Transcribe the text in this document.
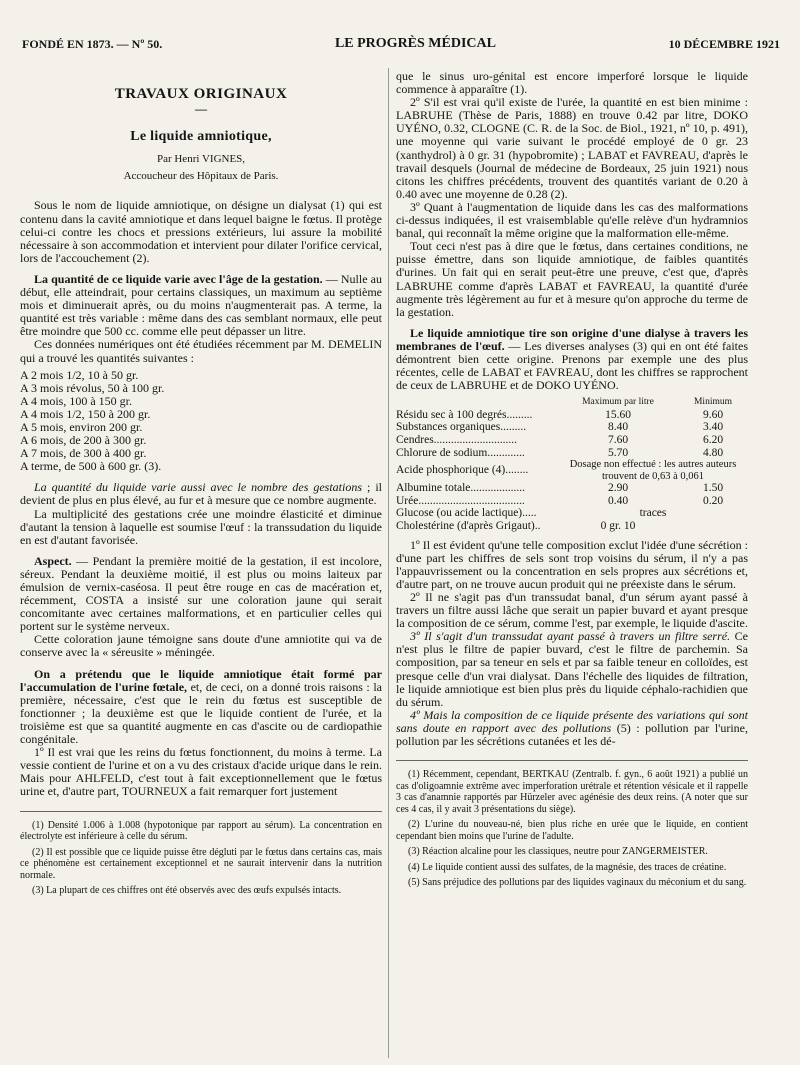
FONDÉ EN 1873. — Nº 50.	LE PROGRÈS MÉDICAL	10 DÉCEMBRE 1921
TRAVAUX ORIGINAUX
—
Le liquide amniotique,
Par Henri VIGNES,
Accoucheur des Hôpitaux de Paris.

Sous le nom de liquide amniotique, on désigne un dialysat (1) qui est contenu dans la cavité amniotique et dans lequel baigne le fœtus. Il protège celui-ci contre les chocs et pressions extérieurs, lui assure la mobilité nécessaire à son accommodation et intervient pour dilater l'orifice cervical, lors de l'accouchement (2).

La quantité de ce liquide varie avec l'âge de la gestation. — Nulle au début, elle atteindrait, pour certains classiques, un maximum au septième mois et diminuerait après, ou du moins n'augmenterait pas. A terme, la quantité est très variable : même dans des cas semblant normaux, elle peut être moindre que 500 cc. comme elle peut dépasser un litre.

Ces données numériques ont été étudiées récemment par M. DEMELIN qui a trouvé les quantités suivantes :

A 2 mois 1/2, 10 à 50 gr.
A 3 mois révolus, 50 à 100 gr.
A 4 mois, 100 à 150 gr.
A 4 mois 1/2, 150 à 200 gr.
A 5 mois, environ 200 gr.
A 6 mois, de 200 à 300 gr.
A 7 mois, de 300 à 400 gr.
A terme, de 500 à 600 gr. (3).

La quantité du liquide varie aussi avec le nombre des gestations ; il devient de plus en plus élevé, au fur et à mesure que ce nombre augmente.

La multiplicité des gestations crée une moindre élasticité et diminue d'autant la tension à laquelle est soumise l'œuf : la transsudation du liquide en est d'autant favorisée.

Aspect. — Pendant la première moitié de la gestation, il est incolore, séreux. Pendant la deuxième moitié, il est plus ou moins laiteux par émulsion de vernix-caséosa. Il peut être rouge en cas de macération et, récemment, COSTA a insisté sur une coloration jaune qui serait concomitante avec certaines malformations, et en particulier celles qui portent sur le système nerveux.

Cette coloration jaune témoigne sans doute d'une amniotite qui va de conserve avec la « séreusite » méningée.

On a prétendu que le liquide amniotique était formé par l'accumulation de l'urine fœtale, et, de ceci, on a donné trois raisons : la première, nécessaire, c'est que le rein du fœtus est susceptible de fonctionner ; la deuxième est que le liquide contient de l'urée, et la troisième est que sa quantité augmente en cas d'ascite ou de cardiopathie congénitale.

1º Il est vrai que les reins du fœtus fonctionnent, du moins à terme. La vessie contient de l'urine et on a vu des cristaux d'acide urique dans le rein. Mais pour AHLFELD, c'est tout à fait exceptionnellement que le fœtus urine et, d'autre part, TOURNEUX a fait remarquer fort justement

(1) Densité 1.006 à 1.008 (hypotonique par rapport au sérum). La concentration en électrolyte est inférieure à celle du sérum.

(2) Il est possible que ce liquide puisse être dégluti par le fœtus dans certains cas, mais ce phénomène est certainement exceptionnel et ne saurait intervenir dans la nutrition normale.

(3) La plupart de ces chiffres ont été observés avec des œufs expulsés intacts.

que le sinus uro-génital est encore imperforé lorsque le liquide commence à apparaître (1).

2º S'il est vrai qu'il existe de l'urée, la quantité en est bien minime : LABRUHE (Thèse de Paris, 1888) en trouve 0.42 par litre, DOKO UYÉNO, 0.32, CLOGNE (C. R. de la Soc. de Biol., 1921, nº 10, p. 491), une moyenne qui varie suivant le procédé employé de 0 gr. 23 (xanthydrol) à 0 gr. 31 (hypobromite) ; LABAT et FAVREAU, d'après le travail desquels (Journal de médecine de Bordeaux, 25 juin 1921) nous citons les chiffres précédents, trouvent des quantités variant de 0.20 à 0.40 avec une moyenne de 0.28 (2).

3º Quant à l'augmentation de liquide dans les cas des malformations ci-dessus indiquées, il est vraisemblable qu'elle relève d'un hydramnios banal, qui reconnaît la même origine que la malformation elle-même.

Tout ceci n'est pas à dire que le fœtus, dans certaines conditions, ne puisse émettre, dans son liquide amniotique, de faibles quantités d'urines. Un fait qui en serait peut-être une preuve, c'est que, d'après LABRUHE comme d'après LABAT et FAVREAU, la quantité d'urée augmente très légèrement au fur et à mesure qu'on approche du terme de la gestation.

Le liquide amniotique tire son origine d'une dialyse à travers les membranes de l'œuf. — Les diverses analyses (3) qui en ont été faites démontrent bien cette origine. Prenons par exemple une des plus récentes, celle de LABAT et FAVREAU, dont les chiffres se rapprochent de ceux de LABRUHE et de DOKO UYÉNO.

	Maximum par litre	Minimum
Résidu sec à 100 degrés.........	15.60	9.60
Substances organiques.........	8.40	3.40
Cendres.............................	7.60	6.20
Chlorure de sodium.............	5.70	4.80
Acide phosphorique (4)........	Dosage non effectué : les autres auteurs trouvent de 0,63 à 0,061	
Albumine totale...................	2.90	1.50
Urée.....................................	0.40	0.20
Glucose (ou acide lactique).....	traces	
Cholestérine (d'après Grigaut)..	0 gr. 10	

1º Il est évident qu'une telle composition exclut l'idée d'une sécrétion : d'une part les chiffres de sels sont trop voisins du sérum, il n'y a pas l'appauvrissement ou la concentration en sels propres aux sécrétions et, d'autre part, on ne trouve aucun produit qui ne préexiste dans le sérum.

2º Il ne s'agit pas d'un transsudat banal, d'un sérum ayant passé à travers un filtre aussi lâche que serait un papier buvard et ayant presque la composition de ce sérum, comme l'est, par exemple, le liquide d'ascite.

3º Il s'agit d'un transsudat ayant passé à travers un filtre serré. Ce n'est plus le filtre de papier buvard, c'est le filtre de parchemin. Sa composition, par sa teneur en sels et par sa faible teneur en colloïdes, est presque celle d'un vrai dialysat. Dans l'échelle des liquides de filtration, le liquide amniotique est bien plus près du liquide céphalo-rachidien que du sérum.

4º Mais la composition de ce liquide présente des variations qui sont sans doute en rapport avec des pollutions (5) : pollution par l'urine, pollution par les sécrétions cutanées et les dé-

(1) Récemment, cependant, BERTKAU (Zentralb. f. gyn., 6 août 1921) a publié un cas d'oligoamnie extrême avec imperforation urétrale et rétention vésicale et il rappelle 3 cas d'anamnie rapportés par Hürzeler avec agénésie des deux reins. (A noter que sur ces 4 cas, il y avait 3 présentations du siège).

(2) L'urine du nouveau-né, bien plus riche en urée que le liquide, en contient cependant bien moins que l'urine de l'adulte.

(3) Réaction alcaline pour les classiques, neutre pour ZANGERMEISTER.

(4) Le liquide contient aussi des sulfates, de la magnésie, des traces de créatine.

(5) Sans préjudice des pollutions par des liquides vaginaux du méconium et du sang.
